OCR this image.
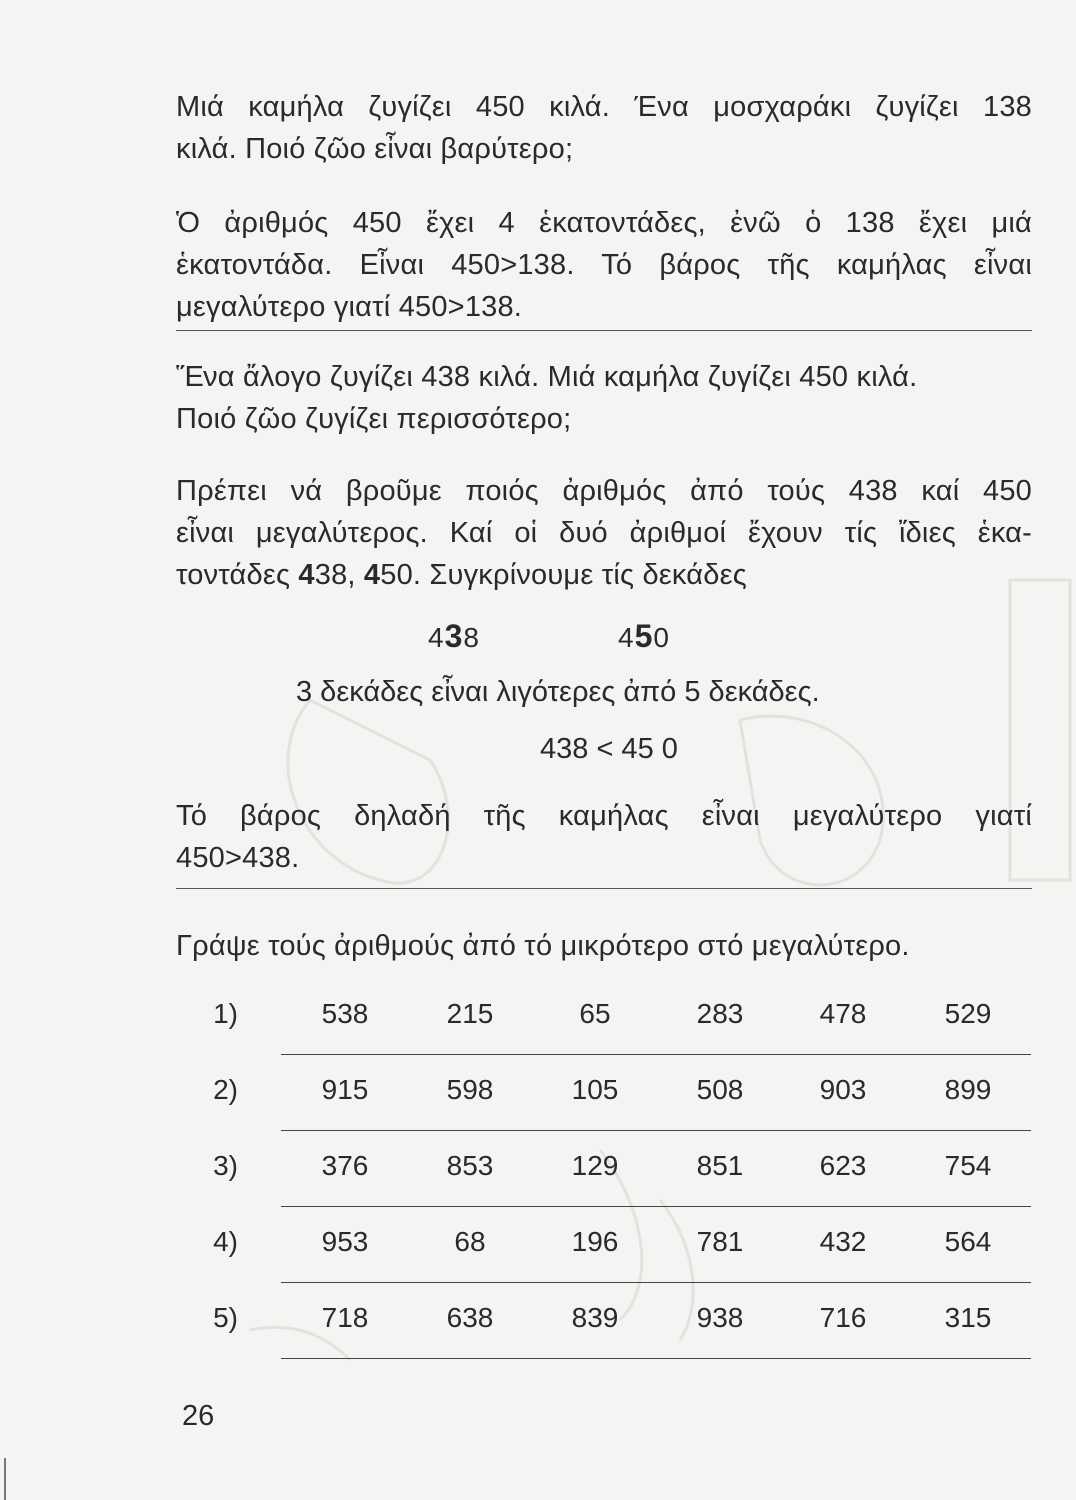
Μιά καμήλα ζυγίζει 450 κιλά. Ένα μοσχαράκι ζυγίζει 138
κιλά. Ποιό ζῶο εἶναι βαρύτερο;
Ὁ ἀριθμός 450 ἔχει 4 ἑκατοντάδες, ἐνῶ ὁ 138 ἔχει μιά
ἑκατοντάδα. Εἶναι 450>138. Τό βάρος τῆς καμήλας εἶναι
μεγαλύτερο γιατί 450>138.
Ἕνα ἄλογο ζυγίζει 438 κιλά. Μιά καμήλα ζυγίζει 450 κιλά.
Ποιό ζῶο ζυγίζει περισσότερο;
Πρέπει νά βροῦμε ποιός ἀριθμός ἀπό τούς 438 καί 450
εἶναι μεγαλύτερος. Καί οἱ δυό ἀριθμοί ἔχουν τίς ἴδιες ἑκα-
τοντάδες 438, 450. Συγκρίνουμε τίς δεκάδες
438	450
3 δεκάδες εἶναι λιγότερες ἀπό 5 δεκάδες.
438 < 45 0
Τό βάρος δηλαδή τῆς καμήλας εἶναι μεγαλύτερο γιατί
450>438.
Γράψε τούς ἀριθμούς ἀπό τό μικρότερο στό μεγαλύτερο.
1)	538	215	65	283	478	529
2)	915	598	105	508	903	899
3)	376	853	129	851	623	754
4)	953	68	196	781	432	564
5)	718	638	839	938	716	315
26
